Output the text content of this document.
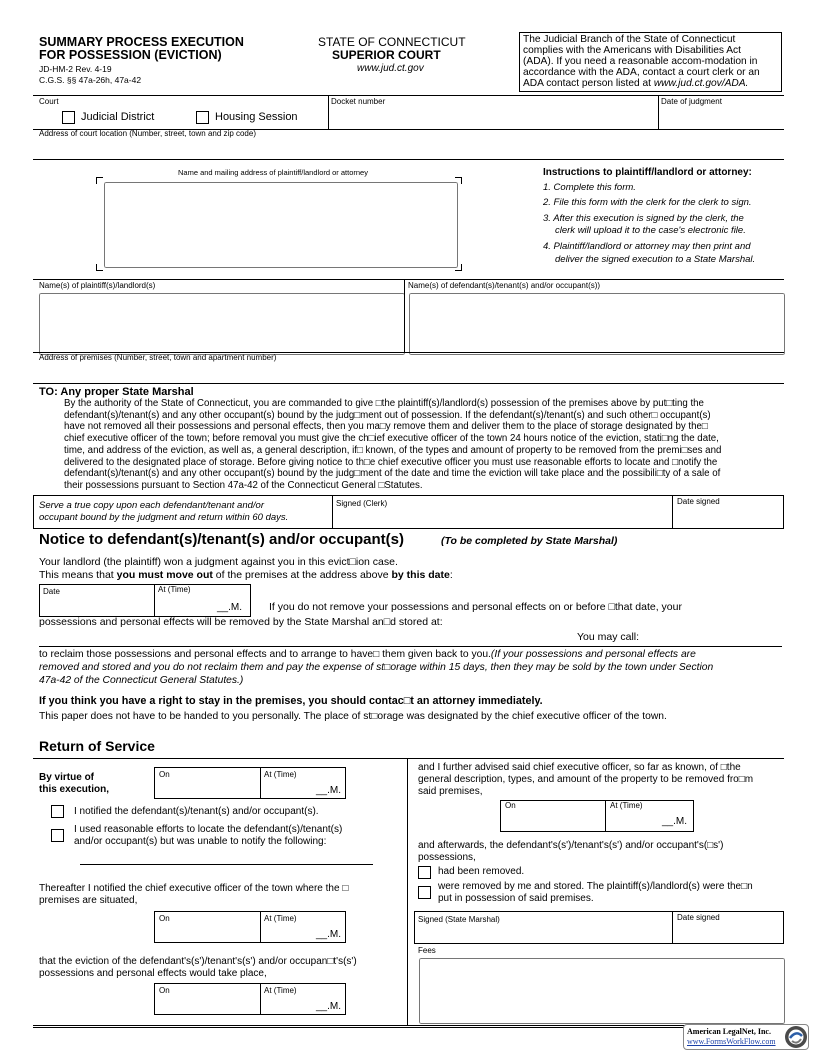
SUMMARY PROCESS EXECUTION
FOR POSSESSION (EVICTION)
JD-HM-2 Rev. 4-19
C.G.S. §§ 47a-26h, 47a-42
STATE OF CONNECTICUT
SUPERIOR COURT
www.jud.ct.gov
The Judicial Branch of the State of Connecticut
complies with the Americans with Disabilities Act
(ADA). If you need a reasonable accom-modation in
accordance with the ADA, contact a court clerk or an
ADA contact person listed at www.jud.ct.gov/ADA.
Court
Judicial District	Housing Session
Docket number	Date of judgment
Address of court location (Number, street, town and zip code)
Name and mailing address of plaintiff/landlord or attorney	Instructions to plaintiff/landlord or attorney:
1. Complete this form.
2. File this form with the clerk for the clerk to sign.
3. After this execution is signed by the clerk, the
clerk will upload it to the case's electronic file.
4. Plaintiff/landlord or attorney may then print and
deliver the signed execution to a State Marshal.
Name(s) of plaintiff(s)/landlord(s)	Name(s) of defendant(s)/tenant(s) and/or occupant(s))
Address of premises (Number, street, town and apartment number)
TO: Any proper State Marshal
By the authority of the State of Connecticut, you are commanded to give □the plaintiff(s)/landlord(s) possession of the premises above by put□ting the
defendant(s)/tenant(s) and any other occupant(s) bound by the judg□ment out of possession. If the defendant(s)/tenant(s) and such other□ occupant(s)
have not removed all their possessions and personal effects, then you ma□y remove them and deliver them to the place of storage designated by the□
chief executive officer of the town; before removal you must give the ch□ief executive officer of the town 24 hours notice of the eviction, stati□ng the date,
time, and address of the eviction, as well as, a general description, if□ known, of the types and amount of property to be removed from the premi□ses and
delivered to the designated place of storage. Before giving notice to th□e chief executive officer you must use reasonable efforts to locate and □notify the
defendant(s)/tenant(s) and any other occupant(s) bound by the judg□ment of the date and time the eviction will take place and the possibili□ty of a sale of
their possessions pursuant to Section 47a-42 of the Connecticut General □Statutes.
Serve a true copy upon each defendant/tenant and/or
occupant bound by the judgment and return within 60 days.
Signed (Clerk)	Date signed
Notice to defendant(s)/tenant(s) and/or occupant(s)	(To be completed by State Marshal)
Your landlord (the plaintiff) won a judgment against you in this evict□ion case.
This means that you must move out of the premises at the address above by this date:
Date	At (Time)
__.M.	If you do not remove your possessions and personal effects on or before □that date, your
possessions and personal effects will be removed by the State Marshal an□d stored at:
You may call:
to reclaim those possessions and personal effects and to arrange to have□ them given back to you.(If your possessions and personal effects are
removed and stored and you do not reclaim them and pay the expense of st□orage within 15 days, then they may be sold by the town under Section
47a-42 of the Connecticut General Statutes.)
If you think you have a right to stay in the premises, you should contac□t an attorney immediately.
This paper does not have to be handed to you personally. The place of st□orage was designated by the chief executive officer of the town.
Return of Service
By virtue of
this execution,
On	At (Time)
__.M.
I notified the defendant(s)/tenant(s) and/or occupant(s).
I used reasonable efforts to locate the defendant(s)/tenant(s)
and/or occupant(s) but was unable to notify the following:
Thereafter I notified the chief executive officer of the town where the □
premises are situated,
On	At (Time)
__.M.
that the eviction of the defendant's(s')/tenant's(s') and/or occupan□t's(s')
possessions and personal effects would take place,
On	At (Time)
__.M.
and I further advised said chief executive officer, so far as known, of □the
general description, types, and amount of the property to be removed fro□m
said premises,
On	At (Time)
__.M.
and afterwards, the defendant's(s')/tenant's(s') and/or occupant's(□s')
possessions,
had been removed.
were removed by me and stored. The plaintiff(s)/landlord(s) were the□n
put in possession of said premises.
Signed (State Marshal)	Date signed
Fees
American LegalNet, Inc.
www.FormsWorkFlow.com
